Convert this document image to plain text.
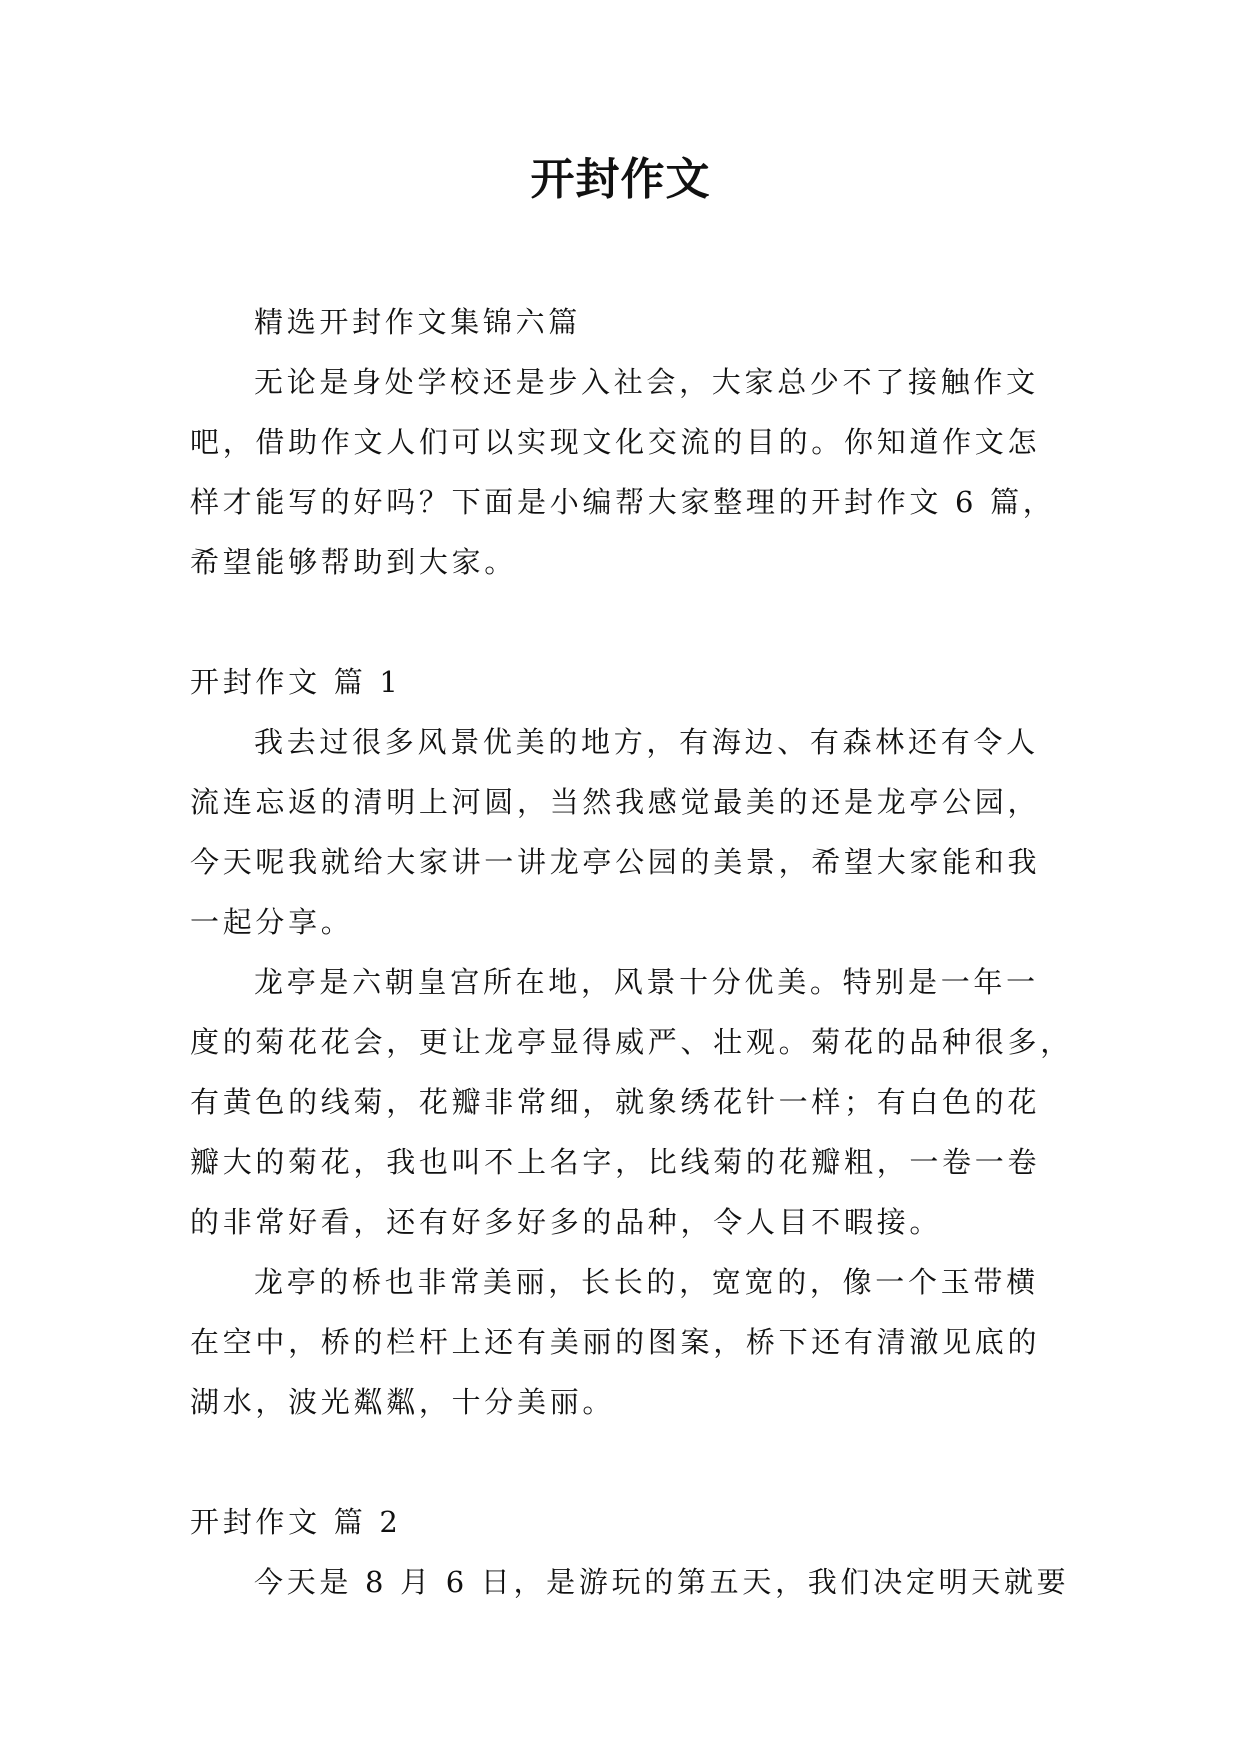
开封作文

精选开封作文集锦六篇

无论是身处学校还是步入社会，大家总少不了接触作文
吧，借助作文人们可以实现文化交流的目的。你知道作文怎
样才能写的好吗？下面是小编帮大家整理的开封作文 6 篇，
希望能够帮助到大家。

开封作文 篇 1

我去过很多风景优美的地方，有海边、有森林还有令人
流连忘返的清明上河圆，当然我感觉最美的还是龙亭公园，
今天呢我就给大家讲一讲龙亭公园的美景，希望大家能和我
一起分享。

龙亭是六朝皇宫所在地，风景十分优美。特别是一年一
度的菊花花会，更让龙亭显得威严、壮观。菊花的品种很多，
有黄色的线菊，花瓣非常细，就象绣花针一样；有白色的花
瓣大的菊花，我也叫不上名字，比线菊的花瓣粗，一卷一卷
的非常好看，还有好多好多的品种，令人目不暇接。

龙亭的桥也非常美丽，长长的，宽宽的，像一个玉带横
在空中，桥的栏杆上还有美丽的图案，桥下还有清澈见底的
湖水，波光粼粼，十分美丽。

开封作文 篇 2

今天是 8 月 6 日，是游玩的第五天，我们决定明天就要
